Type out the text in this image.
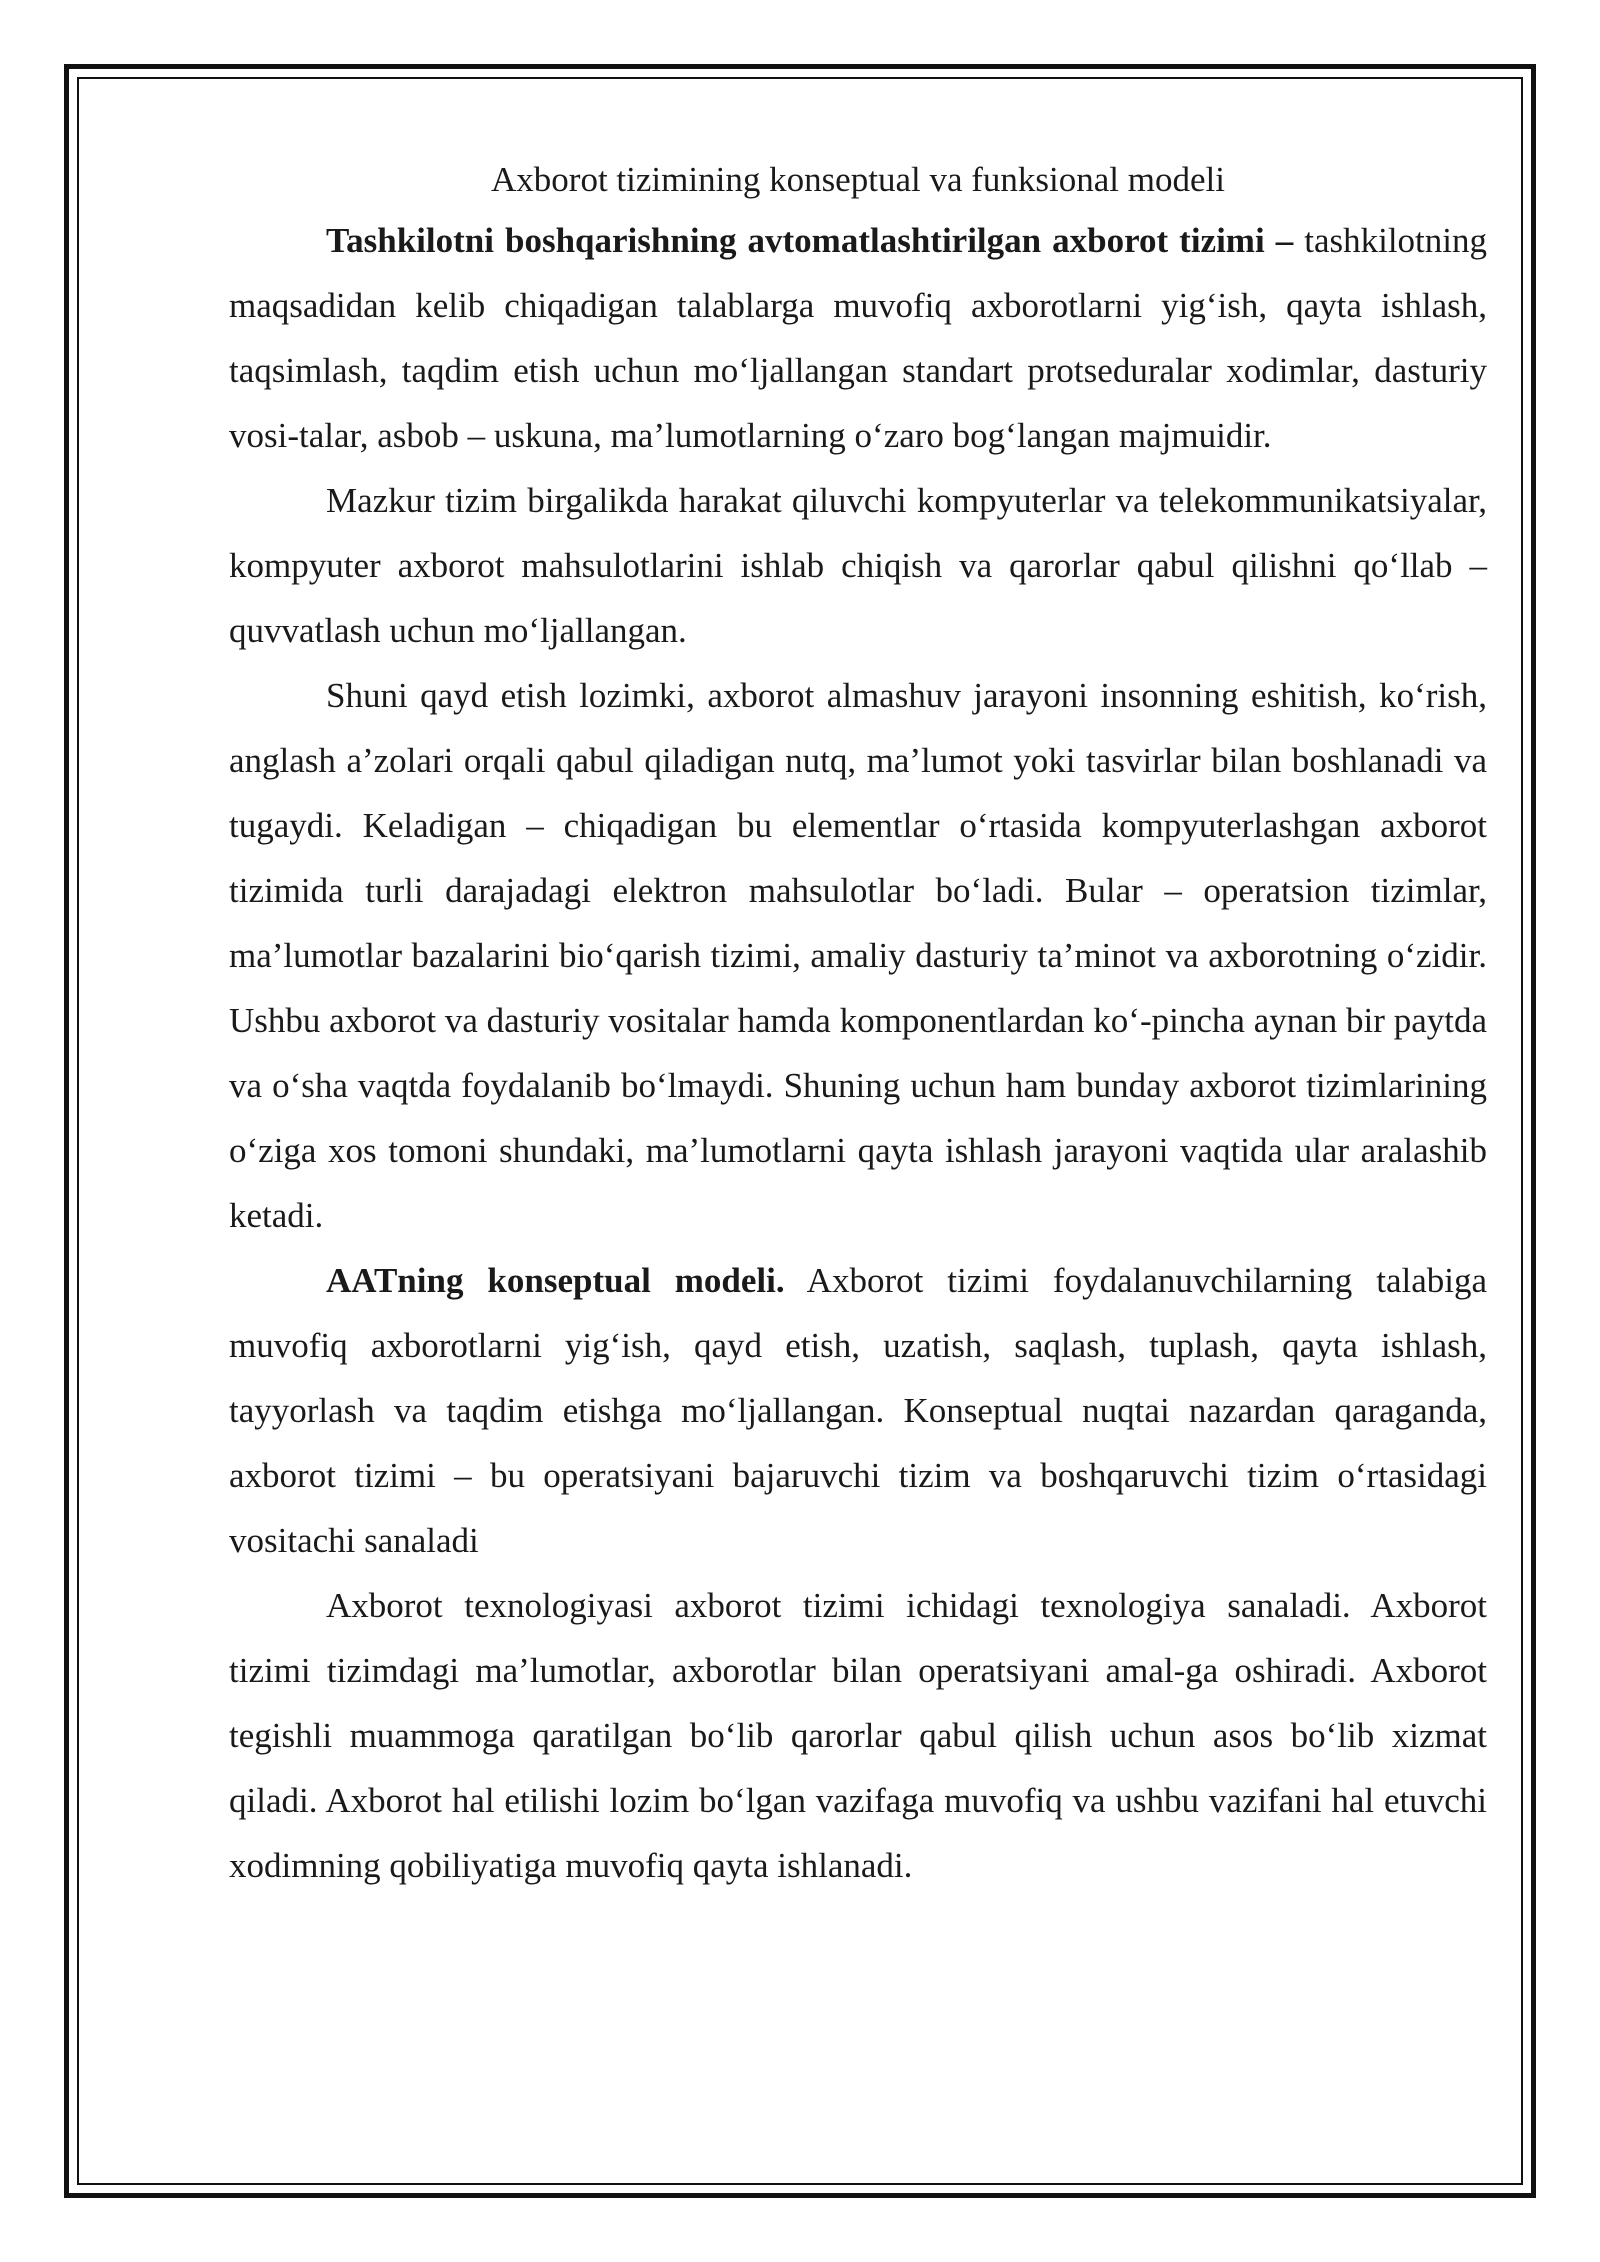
Axborot tizimining konseptual va funksional modeli

Tashkilotni boshqarishning avtomatlashtirilgan axborot tizimi – tashkilotning maqsadidan kelib chiqadigan talablarga muvofiq axborotlarni yig‘ish, qayta ishlash, taqsimlash, taqdim etish uchun mo‘ljallangan standart protseduralar xodimlar, dasturiy vosi-talar, asbob – uskuna, ma’lumotlarning o‘zaro bog‘langan majmuidir.

Mazkur tizim birgalikda harakat qiluvchi kompyuterlar va telekommunikatsiyalar, kompyuter axborot mahsulotlarini ishlab chiqish va qarorlar qabul qilishni qo‘llab – quvvatlash uchun mo‘ljallangan.

Shuni qayd etish lozimki, axborot almashuv jarayoni insonning eshitish, ko‘rish, anglash a’zolari orqali qabul qiladigan nutq, ma’lumot yoki tasvirlar bilan boshlanadi va tugaydi. Keladigan – chiqadigan bu elementlar o‘rtasida kompyuterlashgan axborot tizimida turli darajadagi elektron mahsulotlar bo‘ladi. Bular – operatsion tizimlar, ma’lumotlar bazalarini bio‘qarish tizimi, amaliy dasturiy ta’minot va axborotning o‘zidir. Ushbu axborot va dasturiy vositalar hamda komponentlardan ko‘-pincha aynan bir paytda va o‘sha vaqtda foydalanib bo‘lmaydi. Shuning uchun ham bunday axborot tizimlarining o‘ziga xos tomoni shundaki, ma’lumotlarni qayta ishlash jarayoni vaqtida ular aralashib ketadi.

AATning konseptual modeli. Axborot tizimi foydalanuvchilarning talabiga muvofiq axborotlarni yig‘ish, qayd etish, uzatish, saqlash, tuplash, qayta ishlash, tayyorlash va taqdim etishga mo‘ljallangan. Konseptual nuqtai nazardan qaraganda, axborot tizimi – bu operatsiyani bajaruvchi tizim va boshqaruvchi tizim o‘rtasidagi vositachi sanaladi

Axborot texnologiyasi axborot tizimi ichidagi texnologiya sanaladi. Axborot tizimi tizimdagi ma’lumotlar, axborotlar bilan operatsiyani amal-ga oshiradi. Axborot tegishli muammoga qaratilgan bo‘lib qarorlar qabul qilish uchun asos bo‘lib xizmat qiladi. Axborot hal etilishi lozim bo‘lgan vazifaga muvofiq va ushbu vazifani hal etuvchi xodimning qobiliyatiga muvofiq qayta ishlanadi.
